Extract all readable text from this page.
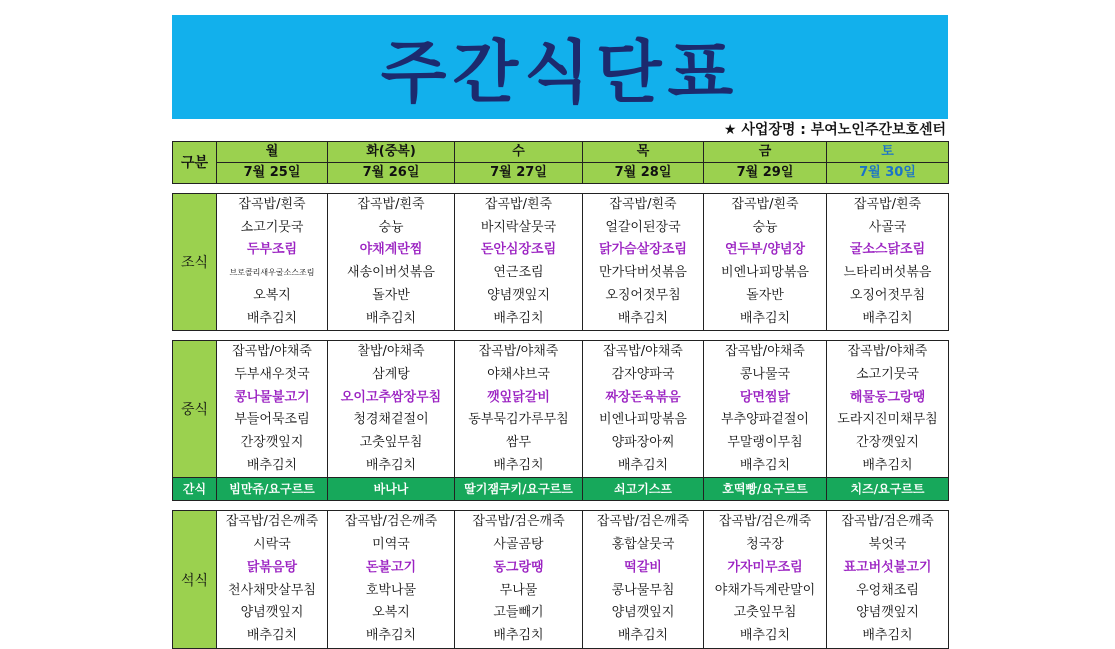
주간식단표
★ 사업장명 : 부여노인주간보호센터
구분	월	화(중복)	수	목	금	토
	7월 25일	7월 26일	7월 27일	7월 28일	7월 29일	7월 30일
조식	잡곡밥/흰죽	잡곡밥/흰죽	잡곡밥/흰죽	잡곡밥/흰죽	잡곡밥/흰죽	잡곡밥/흰죽
	소고기뭇국	숭늉	바지락살뭇국	얼갈이된장국	숭늉	사골국
	두부조림	야채계란찜	돈안심장조림	닭가슴살장조림	연두부/양념장	굴소스닭조림
	브로콜리새우굴소스조림	새송이버섯볶음	연근조림	만가닥버섯볶음	비엔나피망볶음	느타리버섯볶음
	오복지	돌자반	양념깻잎지	오징어젓무침	돌자반	오징어젓무침
	배추김치	배추김치	배추김치	배추김치	배추김치	배추김치

중식	잡곡밥/야채죽	찰밥/야채죽	잡곡밥/야채죽	잡곡밥/야채죽	잡곡밥/야채죽	잡곡밥/야채죽
	두부새우젓국	삼계탕	야채샤브국	감자양파국	콩나물국	소고기뭇국
	콩나물불고기	오이고추쌈장무침	깻잎닭갈비	짜장돈육볶음	당면찜닭	해물동그랑땡
	부들어묵조림	청경채겉절이	동부묵김가루무침	비엔나피망볶음	부추양파겉절이	도라지진미채무침
	간장깻잎지	고춧잎무침	쌈무	양파장아찌	무말랭이무침	간장깻잎지
	배추김치	배추김치	배추김치	배추김치	배추김치	배추김치
간식	빔만쥬/요구르트	바나나	딸기잼쿠키/요구르트	쇠고기스프	호떡빵/요구르트	치즈/요구르트

석식	잡곡밥/검은깨죽	잡곡밥/검은깨죽	잡곡밥/검은깨죽	잡곡밥/검은깨죽	잡곡밥/검은깨죽	잡곡밥/검은깨죽
	시락국	미역국	사골곰탕	홍합살뭇국	청국장	북엇국
	닭볶음탕	돈불고기	동그랑땡	떡갈비	가자미무조림	표고버섯불고기
	천사채맛살무침	호박나물	무나물	콩나물무침	야채가득계란말이	우엉채조림
	양념깻잎지	오복지	고들빼기	양념깻잎지	고춧잎무침	양념깻잎지
	배추김치	배추김치	배추김치	배추김치	배추김치	배추김치
